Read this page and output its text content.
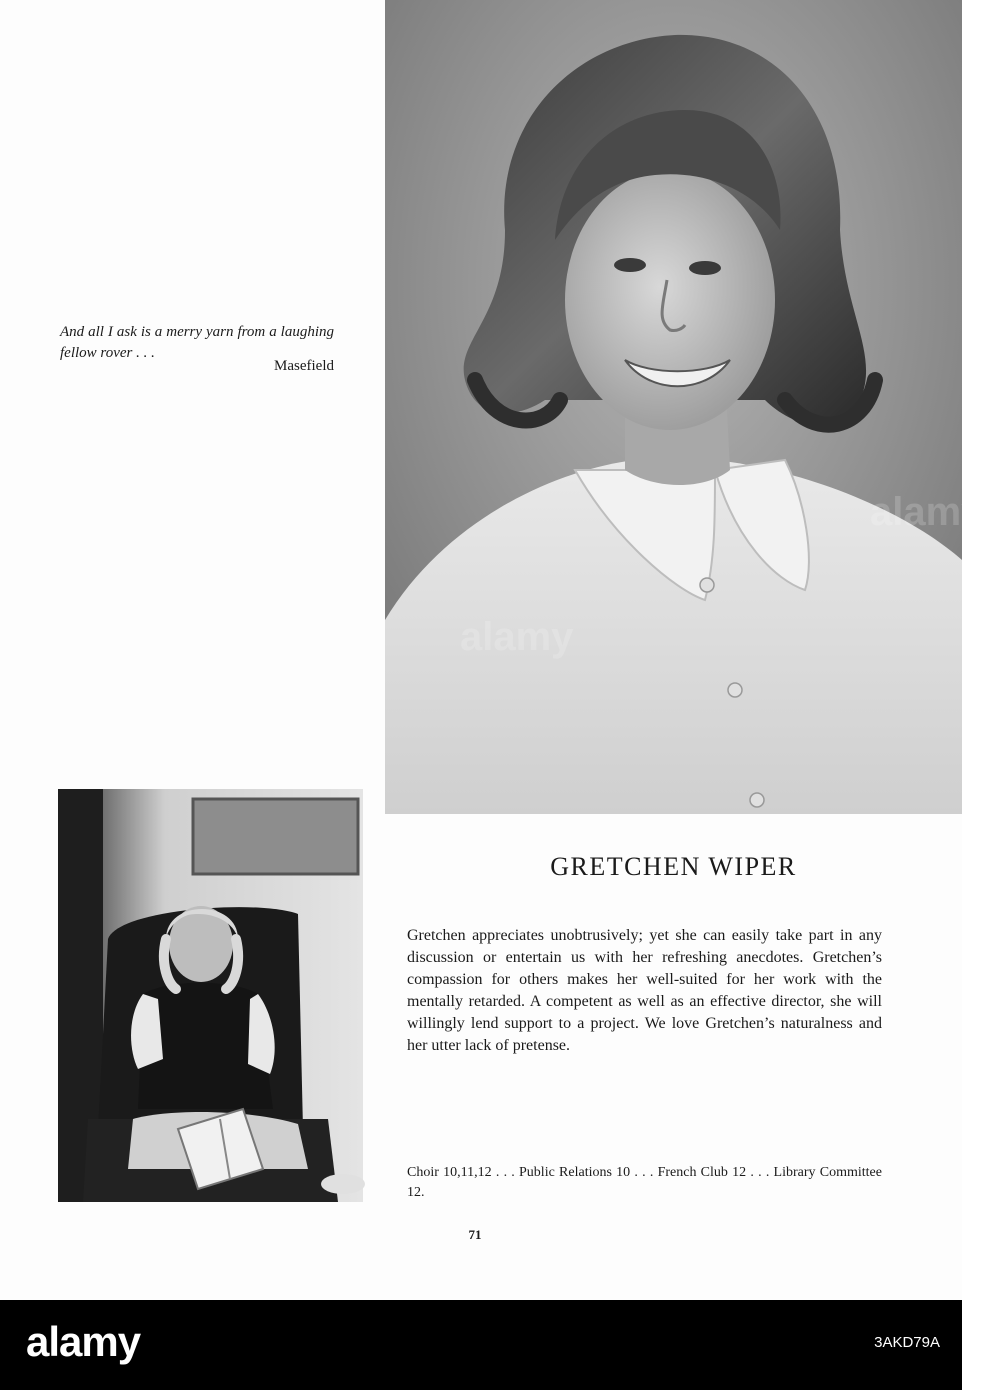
And all I ask is a merry yarn from a laughing fellow rover . . .
Masefield
GRETCHEN WIPER
Gretchen appreciates unobtrusively; yet she can easily take part in any discussion or entertain us with her refreshing anecdotes. Gretchen’s compassion for others makes her well-suited for her work with the mentally retarded. A competent as well as an effective director, she will willingly lend support to a project. We love Gretchen’s naturalness and her utter lack of pretense.
Choir 10,11,12 . . . Public Relations 10 . . . French Club 12 . . . Library Committee 12.
71
alamy	3AKD79A
